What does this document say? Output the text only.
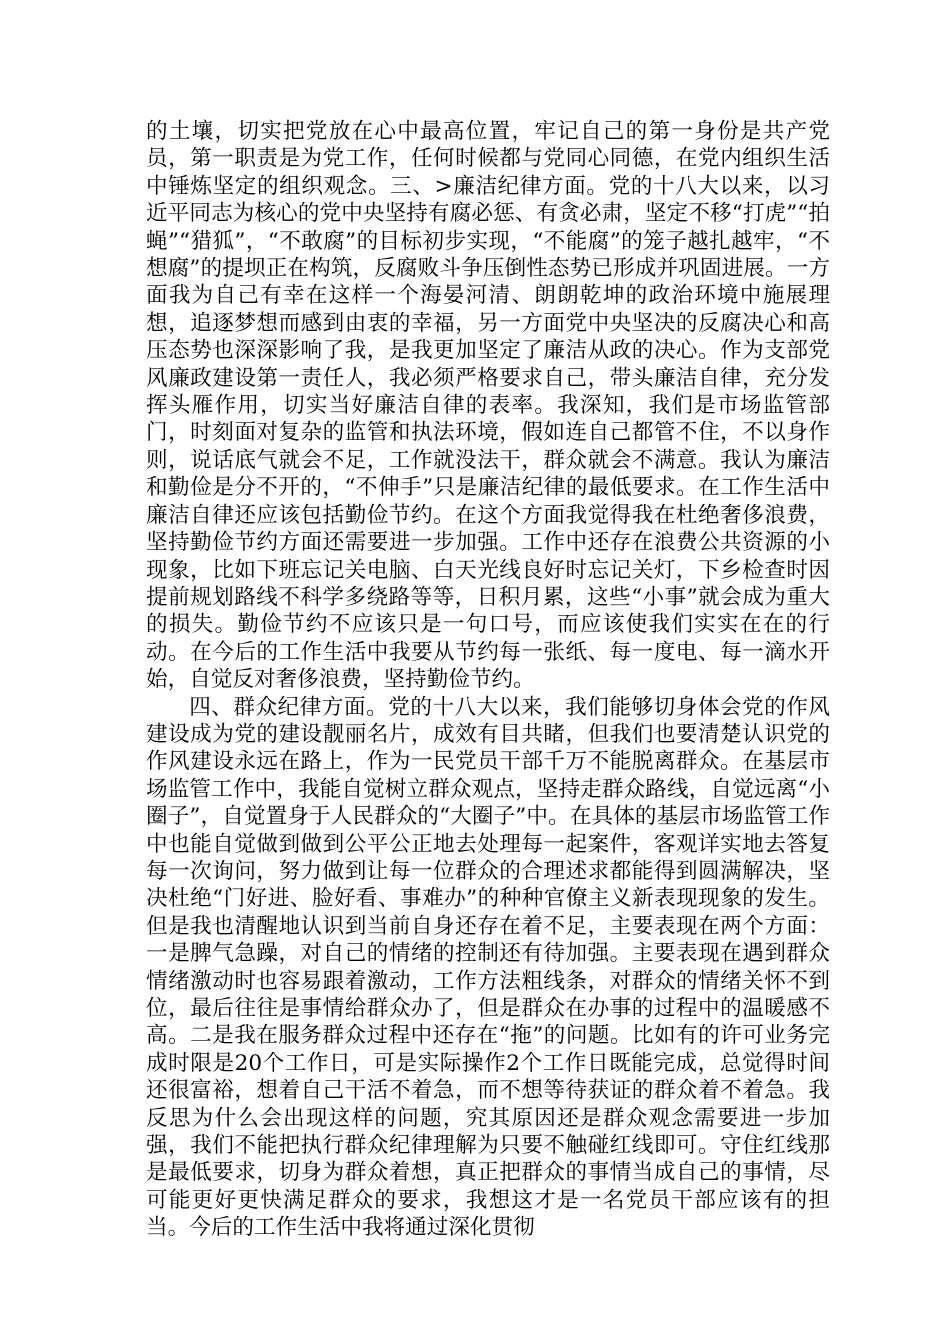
的土壤，切实把党放在心中最高位置，牢记自己的第一身份是共产党员，第一职责是为党工作，任何时候都与党同心同德，在党内组织生活中锤炼坚定的组织观念。三、>廉洁纪律方面。党的十八大以来，以习近平同志为核心的党中央坚持有腐必惩、有贪必肃，坚定不移“打虎”“拍蝇”“猎狐”，“不敢腐”的目标初步实现，“不能腐”的笼子越扎越牢，“不想腐”的提坝正在构筑，反腐败斗争压倒性态势已形成并巩固进展。一方面我为自己有幸在这样一个海晏河清、朗朗乾坤的政治环境中施展理想，追逐梦想而感到由衷的幸福，另一方面党中央坚决的反腐决心和高压态势也深深影响了我，是我更加坚定了廉洁从政的决心。作为支部党风廉政建设第一责任人，我必须严格要求自己，带头廉洁自律，充分发挥头雁作用，切实当好廉洁自律的表率。我深知，我们是市场监管部门，时刻面对复杂的监管和执法环境，假如连自己都管不住，不以身作则，说话底气就会不足，工作就没法干，群众就会不满意。我认为廉洁和勤俭是分不开的，“不伸手”只是廉洁纪律的最低要求。在工作生活中廉洁自律还应该包括勤俭节约。在这个方面我觉得我在杜绝奢侈浪费，坚持勤俭节约方面还需要进一步加强。工作中还存在浪费公共资源的小现象，比如下班忘记关电脑、白天光线良好时忘记关灯，下乡检查时因提前规划路线不科学多绕路等等，日积月累，这些“小事”就会成为重大的损失。勤俭节约不应该只是一句口号，而应该使我们实实在在的行动。在今后的工作生活中我要从节约每一张纸、每一度电、每一滴水开始，自觉反对奢侈浪费，坚持勤俭节约。

四、群众纪律方面。党的十八大以来，我们能够切身体会党的作风建设成为党的建设靓丽名片，成效有目共睹，但我们也要清楚认识党的作风建设永远在路上，作为一民党员干部千万不能脱离群众。在基层市场监管工作中，我能自觉树立群众观点，坚持走群众路线，自觉远离“小圈子”，自觉置身于人民群众的“大圈子”中。在具体的基层市场监管工作中也能自觉做到做到公平公正地去处理每一起案件，客观详实地去答复每一次询问，努力做到让每一位群众的合理述求都能得到圆满解决，坚决杜绝“门好进、脸好看、事难办”的种种官僚主义新表现现象的发生。但是我也清醒地认识到当前自身还存在着不足，主要表现在两个方面：一是脾气急躁，对自己的情绪的控制还有待加强。主要表现在遇到群众情绪激动时也容易跟着激动，工作方法粗线条，对群众的情绪关怀不到位，最后往往是事情给群众办了，但是群众在办事的过程中的温暖感不高。二是我在服务群众过程中还存在“拖”的问题。比如有的许可业务完成时限是20个工作日，可是实际操作2个工作日既能完成，总觉得时间还很富裕，想着自己干活不着急，而不想等待获证的群众着不着急。我反思为什么会出现这样的问题，究其原因还是群众观念需要进一步加强，我们不能把执行群众纪律理解为只要不触碰红线即可。守住红线那是最低要求，切身为群众着想，真正把群众的事情当成自己的事情，尽可能更好更快满足群众的要求，我想这才是一名党员干部应该有的担当。今后的工作生活中我将通过深化贯彻
